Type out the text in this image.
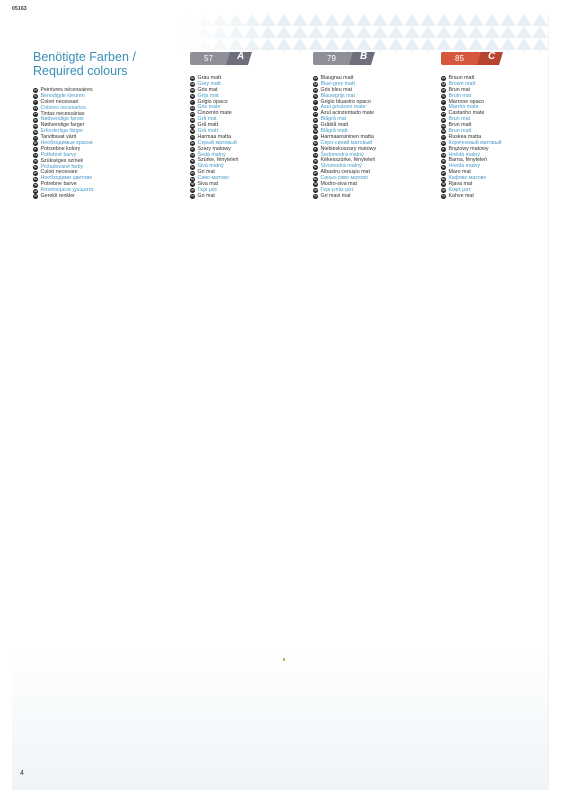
05163
Benötigte Farben /
Required colours
57 A	79 B	85 C
FR Peintures nécessaires
NL Benodigde kleuren
IT Colori necessari
ES Colores necesarios
PT Tintas necessárias
DK Nødvendige farver
NO Nødvendige farger
SE Erforderliga färger
FI Tarvittavat värit
RU Необходимые краски
PL Potrzebne kolory
CZ Potřebné barvy
HU Szükséges színek
SK Požadované farby
RO Culori necesare
BG Необходими цветове
HR Potrebne barve
GR Απαιτούμενα χρώματα
TR Gerekli renkler
DE Grau matt
GB Grey matt
FR Gris mat
NL Grijs mat
IT Grigio opaco
ES Gris mate
PT Cinzento mate
DK Grå mat
NO Grå matt
SE Grå matt
FI Harmaa matta
RU Серый матовый
PL Szary matowy
CZ Šedá matný
HU Szürke, fényteleń
SK Sivá matný
RO Gri mat
BG Сиво матово
HR Siva mat
GR Γκρι ματ
TR Gri mat
DE Blaugrau matt
GB Blue-grey matt
FR Gris bleu mat
NL Blauwgrijs mat
IT Grigio bluastro opaco
ES Azul grisáceo mate
PT Azul acinzentado mate
DK Blågrå mat
NO Gråblå matt
SE Blågrå matt
FI Harmaansininen matta
RU Серо-синий матовый
PL Niebieskoszary matowy
CZ Šedomodrá matný
HU Kékesszürke, fényteleń
SK Sivomodrá matný
RO Albastru cenuşiu mat
BG Синьо-сиво матово
HR Modro-siva mat
GR Γκρι-μπλε ματ
TR Gri mavi mat
DE Braun matt
GB Brown matt
FR Brun mat
NL Bruin mat
IT Marrone opaco
ES Marrón mate
PT Castanho mate
DK Brun mat
NO Brun matt
SE Brun matt
FI Ruskea matta
RU Коричневый матовый
PL Brązowy matowy
CZ Hnědá matný
HU Barna, fényteleń
SK Hnedá matný
RO Maro mat
BG Кафяво матово
HR Rjava mat
GR Καφέ ματ
TR Kahve mat
4
